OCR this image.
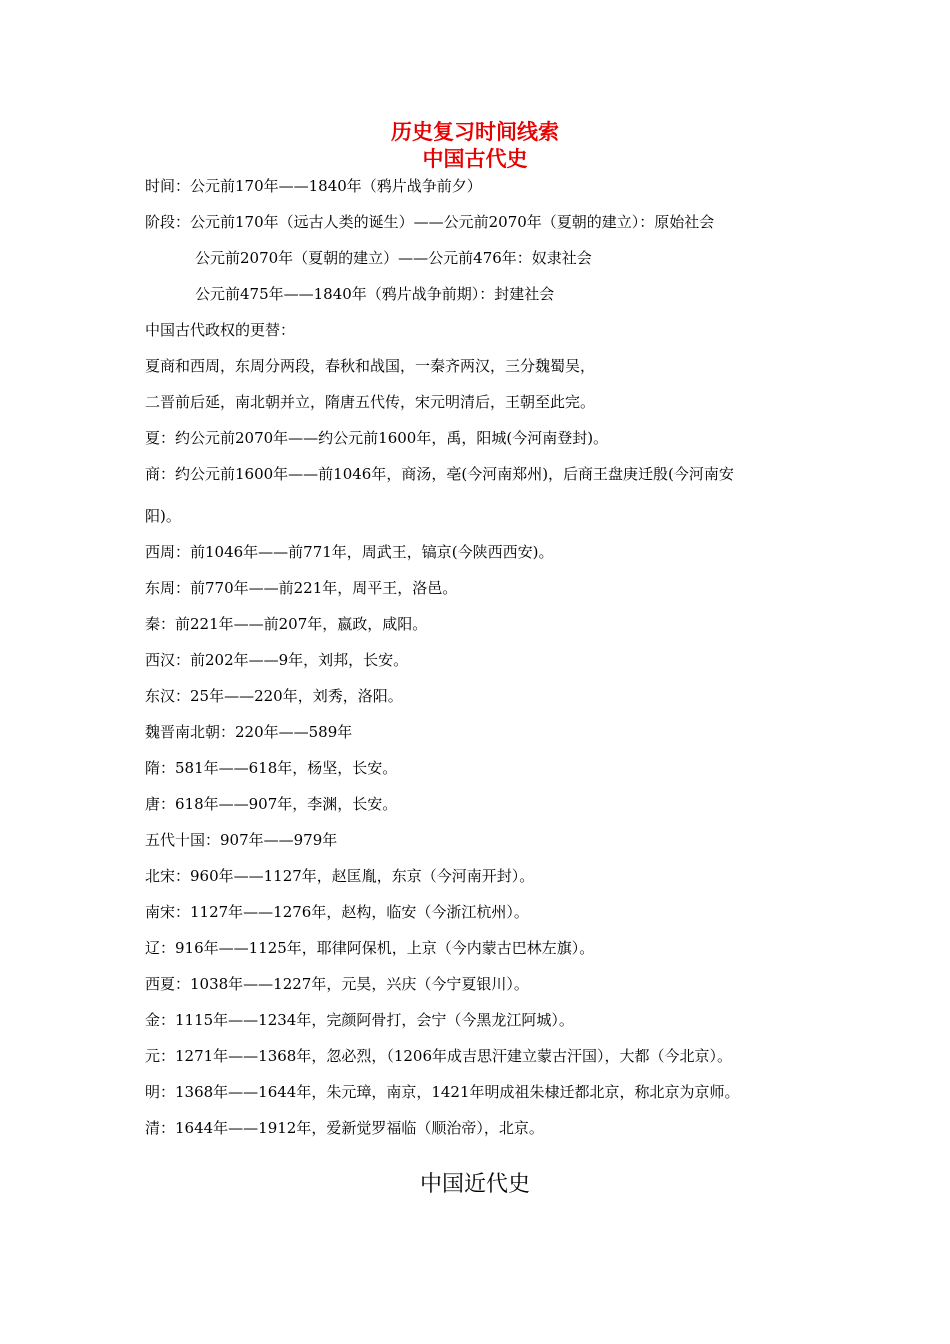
历史复习时间线索
中国古代史
时间：公元前170年——1840年（鸦片战争前夕）
阶段：公元前170年（远古人类的诞生）——公元前2070年（夏朝的建立）：原始社会
公元前2070年（夏朝的建立）——公元前476年：奴隶社会
公元前475年——1840年（鸦片战争前期）：封建社会
中国古代政权的更替：
夏商和西周，东周分两段，春秋和战国，一秦齐两汉，三分魏蜀吴，
二晋前后延，南北朝并立，隋唐五代传，宋元明清后，王朝至此完。
夏：约公元前2070年——约公元前1600年，禹，阳城(今河南登封)。
商：约公元前1600年——前1046年，商汤，亳(今河南郑州)，后商王盘庚迁殷(今河南安
阳)。
西周：前1046年——前771年，周武王，镐京(今陕西西安)。
东周：前770年——前221年，周平王，洛邑。
秦：前221年——前207年，嬴政，咸阳。
西汉：前202年——9年，刘邦，长安。
东汉：25年——220年，刘秀，洛阳。
魏晋南北朝：220年——589年
隋：581年——618年，杨坚，长安。
唐：618年——907年，李渊，长安。
五代十国：907年——979年
北宋：960年——1127年，赵匡胤，东京（今河南开封）。
南宋：1127年——1276年，赵构，临安（今浙江杭州）。
辽：916年——1125年，耶律阿保机，上京（今内蒙古巴林左旗）。
西夏：1038年——1227年，元昊，兴庆（今宁夏银川）。
金：1115年——1234年，完颜阿骨打，会宁（今黑龙江阿城）。
元：1271年——1368年，忽必烈，（1206年成吉思汗建立蒙古汗国），大都（今北京）。
明：1368年——1644年，朱元璋，南京，1421年明成祖朱棣迁都北京，称北京为京师。
清：1644年——1912年，爱新觉罗福临（顺治帝），北京。
中国近代史
